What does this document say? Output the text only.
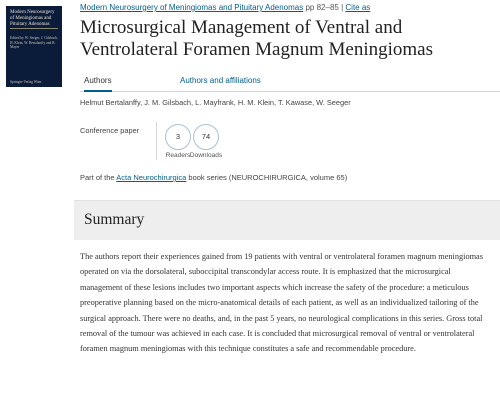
Modern Neurosurgery of Meningiomas and Pituitary Adenomas
Edited by W. Seeger, J. Gilsbach, H. Klein, W. Bertalanffy and R. Mayer
Springer-Verlag Wien
Modern Neurosurgery of Meningiomas and Pituitary Adenomas pp 82–85 | Cite as
Microsurgical Management of Ventral and Ventrolateral Foramen Magnum Meningiomas
Authors	Authors and affiliations
Helmut Bertalanffy, J. M. Gilsbach, L. Mayfrank, H. M. Klein, T. Kawase, W. Seeger
Conference paper
3
Readers
74
Downloads
Part of the Acta Neurochirurgica book series (NEUROCHIRURGICA, volume 65)
Summary

The authors report their experiences gained from 19 patients with ventral or ventrolateral foramen magnum meningiomas operated on via the dorsolateral, suboccipital transcondylar access route. It is emphasized that the microsurgical management of these lesions includes two important aspects which increase the safety of the procedure: a meticulous preoperative planning based on the micro-anatomical details of each patient, as well as an individualized tailoring of the surgical approach. There were no deaths, and, in the past 5 years, no neurological complications in this series. Gross total removal of the tumour was achieved in each case. It is concluded that microsurgical removal of ventral or ventrolateral foramen magnum meningiomas with this technique constitutes a safe and recommendable procedure.
